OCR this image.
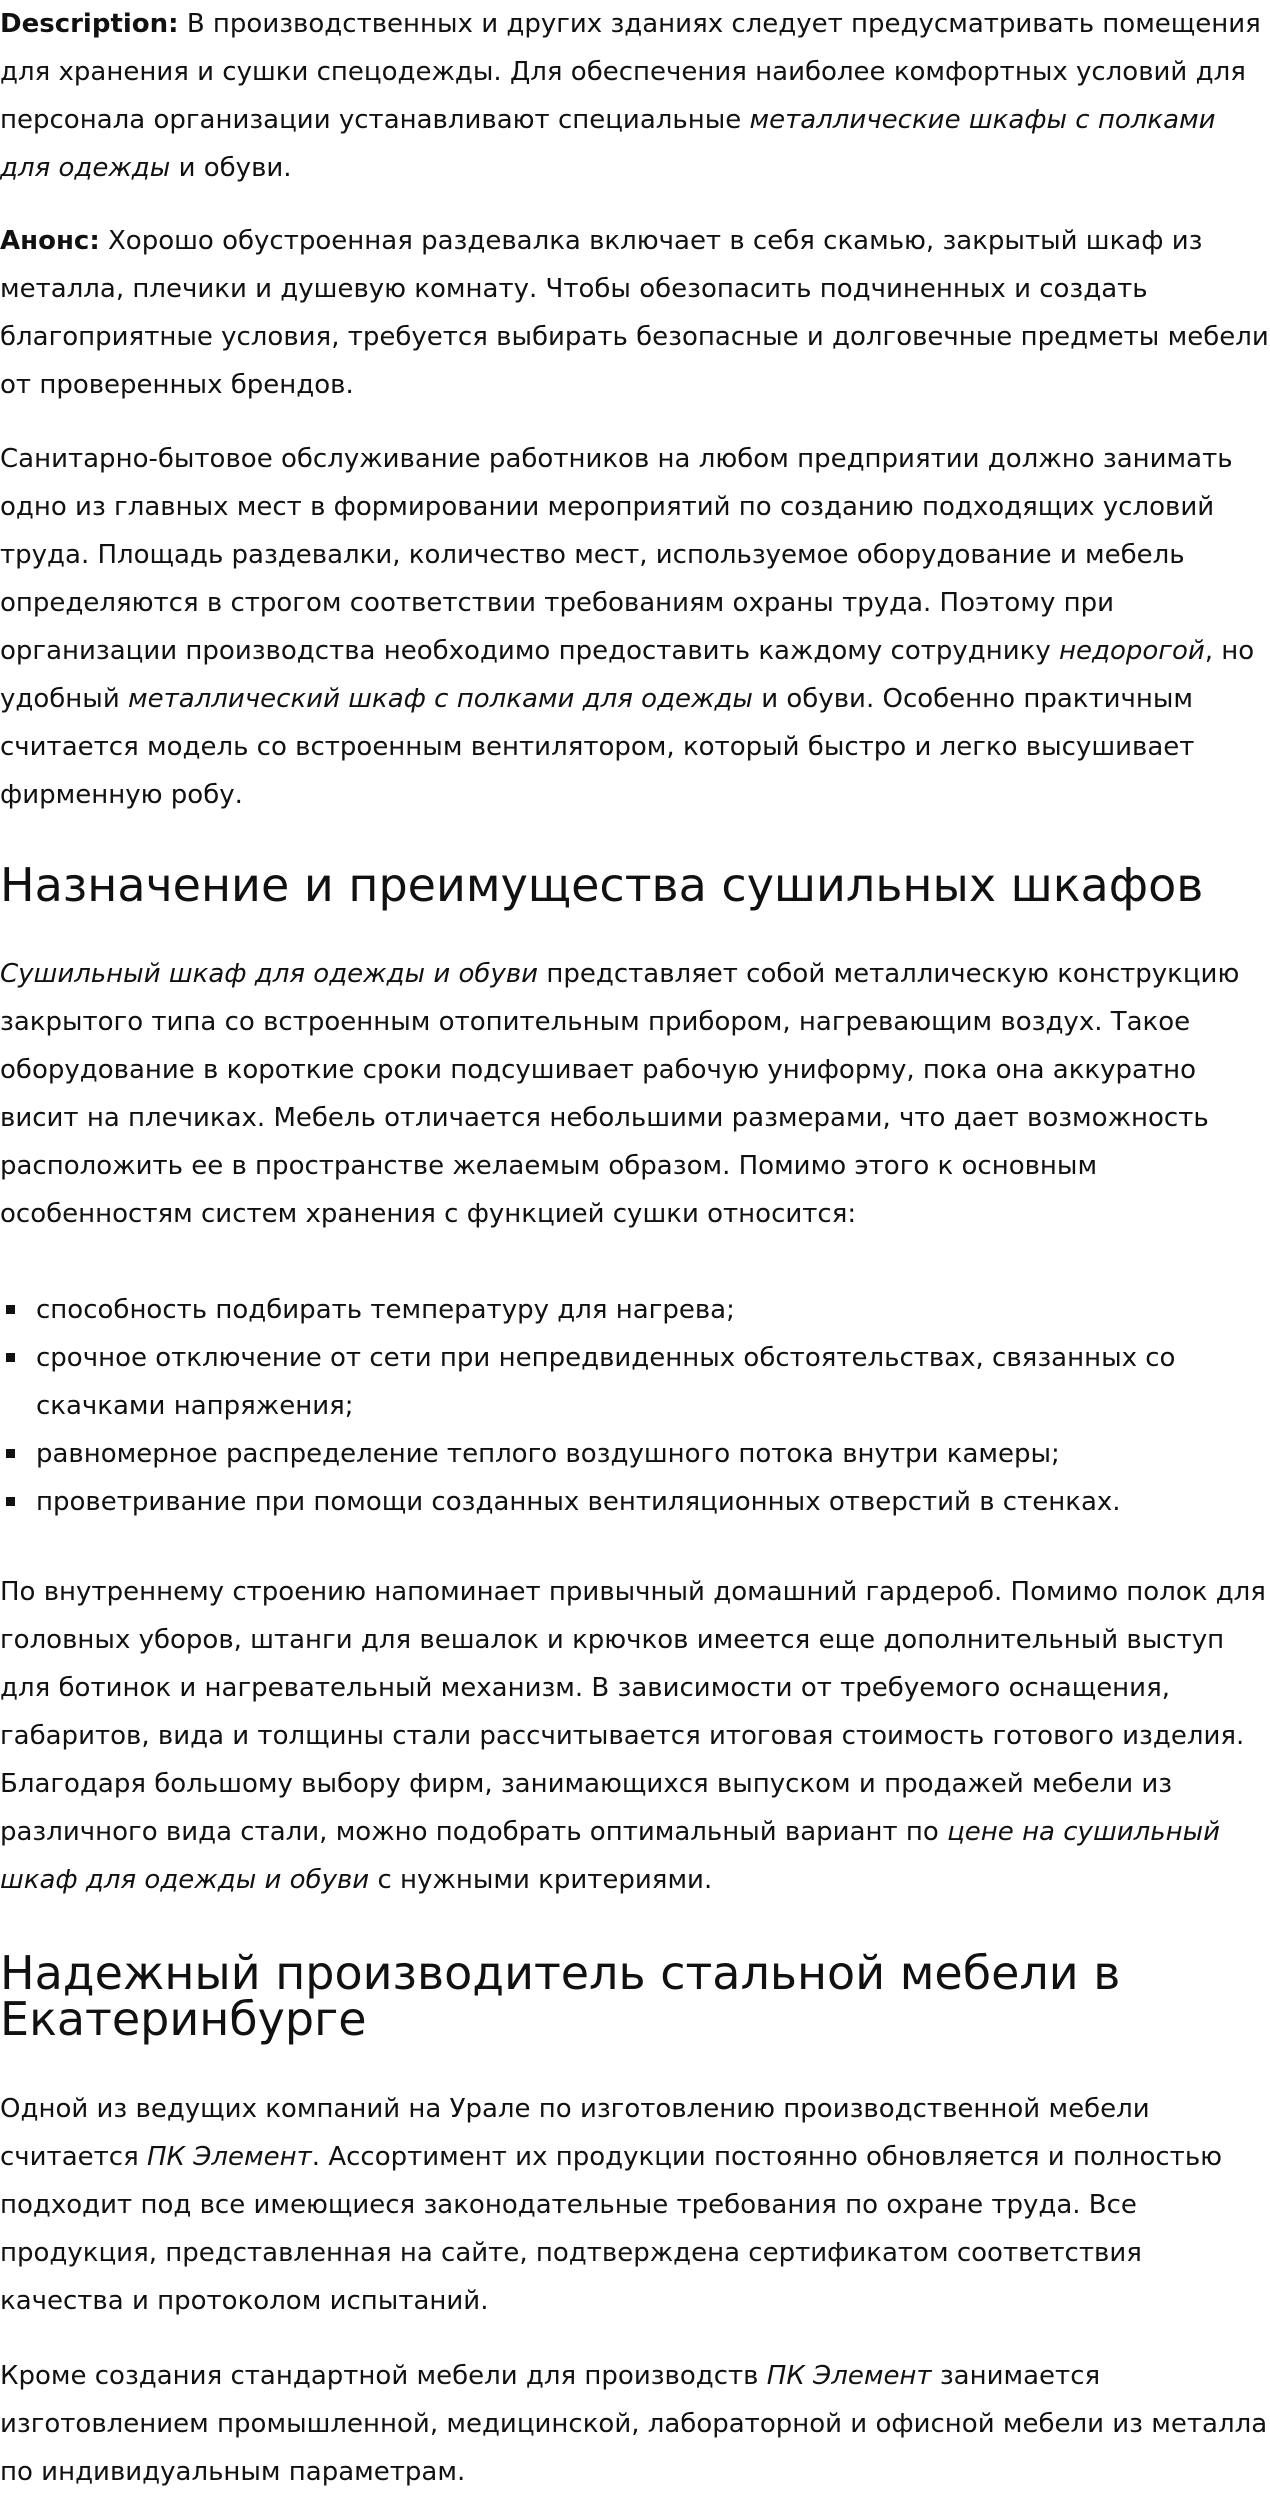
Description: В производственных и других зданиях следует предусматривать помещения для хранения и сушки спецодежды. Для обеспечения наиболее комфортных условий для персонала организации устанавливают специальные металлические шкафы с полками для одежды и обуви.

Анонс: Хорошо обустроенная раздевалка включает в себя скамью, закрытый шкаф из металла, плечики и душевую комнату. Чтобы обезопасить подчиненных и создать благоприятные условия, требуется выбирать безопасные и долговечные предметы мебели от проверенных брендов.

Санитарно-бытовое обслуживание работников на любом предприятии должно занимать одно из главных мест в формировании мероприятий по созданию подходящих условий труда. Площадь раздевалки, количество мест, используемое оборудование и мебель определяются в строгом соответствии требованиям охраны труда. Поэтому при организации производства необходимо предоставить каждому сотруднику недорогой, но удобный металлический шкаф с полками для одежды и обуви. Особенно практичным считается модель со встроенным вентилятором, который быстро и легко высушивает фирменную робу.

Назначение и преимущества сушильных шкафов

Сушильный шкаф для одежды и обуви представляет собой металлическую конструкцию закрытого типа со встроенным отопительным прибором, нагревающим воздух. Такое оборудование в короткие сроки подсушивает рабочую униформу, пока она аккуратно висит на плечиках. Мебель отличается небольшими размерами, что дает возможность расположить ее в пространстве желаемым образом. Помимо этого к основным особенностям систем хранения с функцией сушки относится:

способность подбирать температуру для нагрева;
срочное отключение от сети при непредвиденных обстоятельствах, связанных со скачками напряжения;
равномерное распределение теплого воздушного потока внутри камеры;
проветривание при помощи созданных вентиляционных отверстий в стенках.

По внутреннему строению напоминает привычный домашний гардероб. Помимо полок для головных уборов, штанги для вешалок и крючков имеется еще дополнительный выступ для ботинок и нагревательный механизм. В зависимости от требуемого оснащения, габаритов, вида и толщины стали рассчитывается итоговая стоимость готового изделия. Благодаря большому выбору фирм, занимающихся выпуском и продажей мебели из различного вида стали, можно подобрать оптимальный вариант по цене на сушильный шкаф для одежды и обуви с нужными критериями.

Надежный производитель стальной мебели в Екатеринбурге

Одной из ведущих компаний на Урале по изготовлению производственной мебели считается ПК Элемент. Ассортимент их продукции постоянно обновляется и полностью подходит под все имеющиеся законодательные требования по охране труда. Все продукция, представленная на сайте, подтверждена сертификатом соответствия качества и протоколом испытаний.

Кроме создания стандартной мебели для производств ПК Элемент занимается изготовлением промышленной, медицинской, лабораторной и офисной мебели из металла по индивидуальным параметрам.
